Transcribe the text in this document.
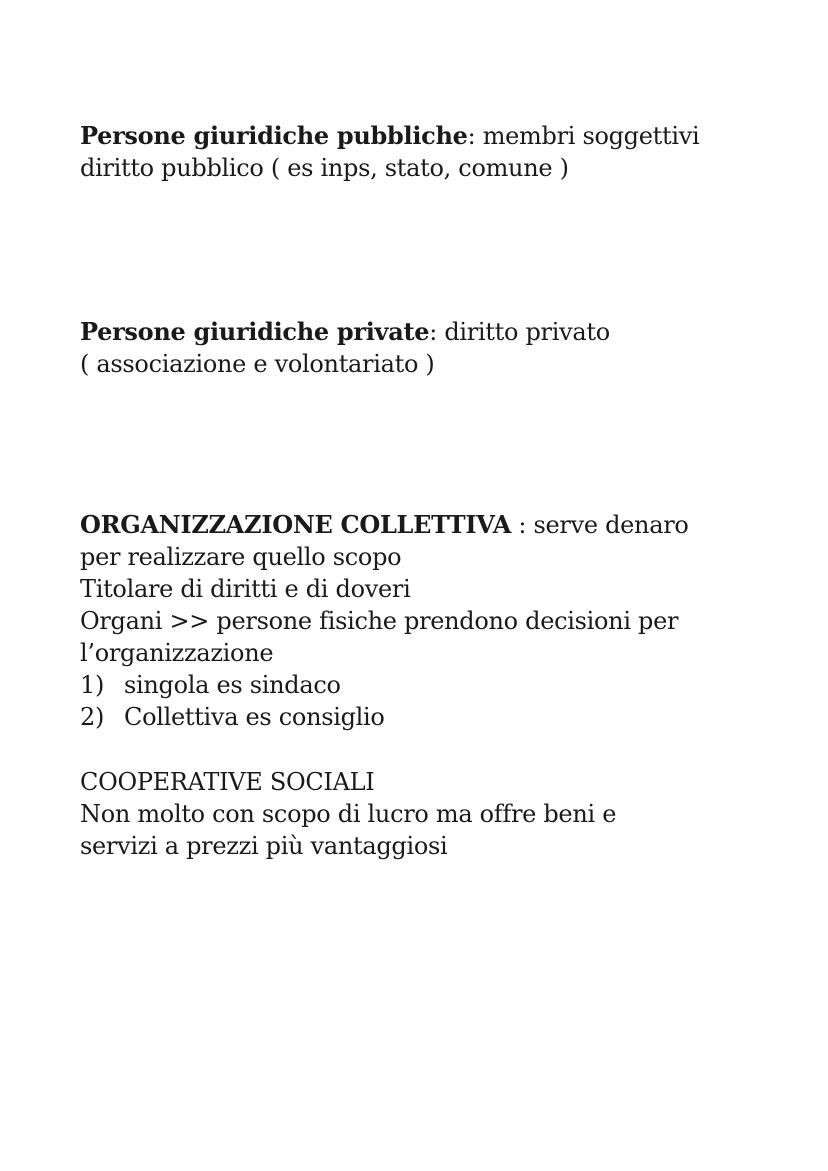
Persone giuridiche pubbliche: membri soggettivi
diritto pubblico ( es inps, stato, comune )
Persone giuridiche private: diritto privato
( associazione e volontariato )
ORGANIZZAZIONE COLLETTIVA : serve denaro
per realizzare quello scopo
Titolare di diritti e di doveri
Organi >> persone fisiche prendono decisioni per
l’organizzazione
1) singola es sindaco
2) Collettiva es consiglio
COOPERATIVE SOCIALI
Non molto con scopo di lucro ma offre beni e
servizi a prezzi più vantaggiosi
